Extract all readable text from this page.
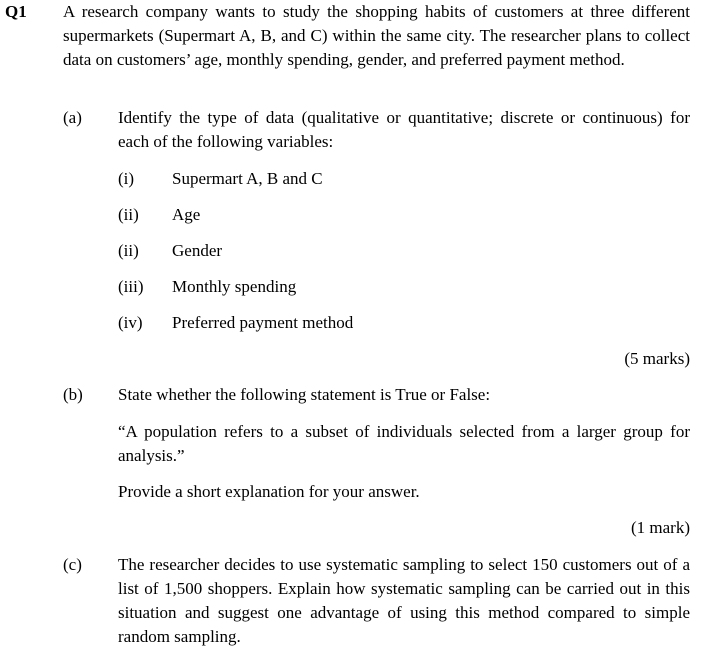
Q1 A research company wants to study the shopping habits of customers at three different supermarkets (Supermart A, B, and C) within the same city. The researcher plans to collect data on customers’ age, monthly spending, gender, and preferred payment method.
(a) Identify the type of data (qualitative or quantitative; discrete or continuous) for each of the following variables:
(i) Supermart A, B and C
(ii) Age
(ii) Gender
(iii) Monthly spending
(iv) Preferred payment method
(5 marks)
(b) State whether the following statement is True or False:
“A population refers to a subset of individuals selected from a larger group for analysis.”
Provide a short explanation for your answer.
(1 mark)
(c) The researcher decides to use systematic sampling to select 150 customers out of a list of 1,500 shoppers. Explain how systematic sampling can be carried out in this situation and suggest one advantage of using this method compared to simple random sampling.
